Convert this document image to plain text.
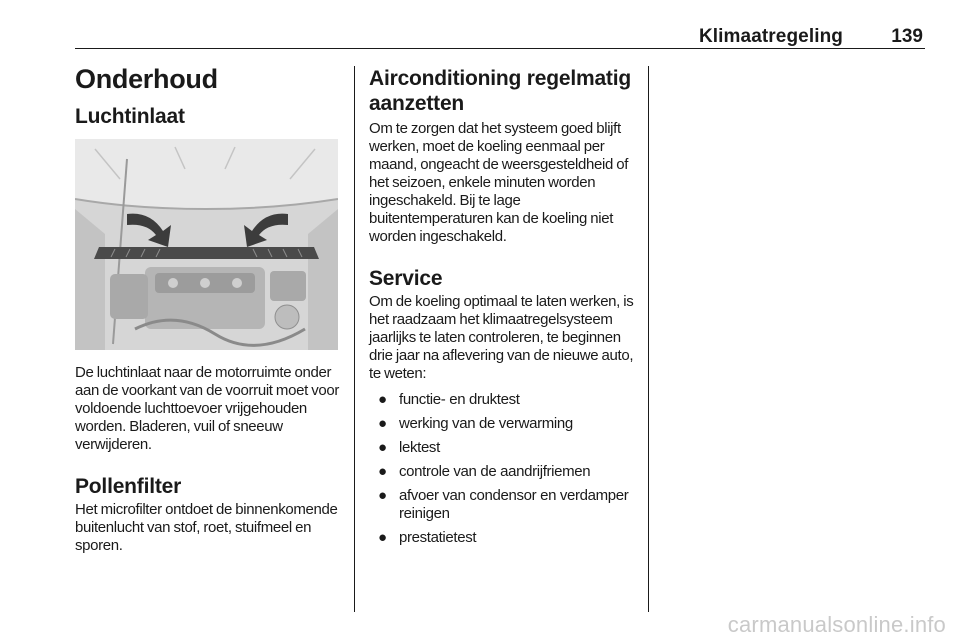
Klimaatregeling	139
Onderhoud
Luchtinlaat

De luchtinlaat naar de motorruimte onder aan de voorkant van de voorruit moet voor voldoende luchttoevoer vrijgehouden worden. Bladeren, vuil of sneeuw verwijderen.

Pollenfilter

Het microfilter ontdoet de binnenkomende buitenlucht van stof, roet, stuifmeel en sporen.

Airconditioning regelmatig aanzetten

Om te zorgen dat het systeem goed blijft werken, moet de koeling eenmaal per maand, ongeacht de weersgesteldheid of het seizoen, enkele minuten worden ingeschakeld. Bij te lage buitentemperaturen kan de koeling niet worden ingeschakeld.

Service

Om de koeling optimaal te laten werken, is het raadzaam het klimaatregelsysteem jaarlijks te laten controleren, te beginnen drie jaar na aflevering van de nieuwe auto, te weten:

● functie- en druktest
● werking van de verwarming
● lektest
● controle van de aandrijfriemen
● afvoer van condensor en verdamper reinigen
● prestatietest
carmanualsonline.info
